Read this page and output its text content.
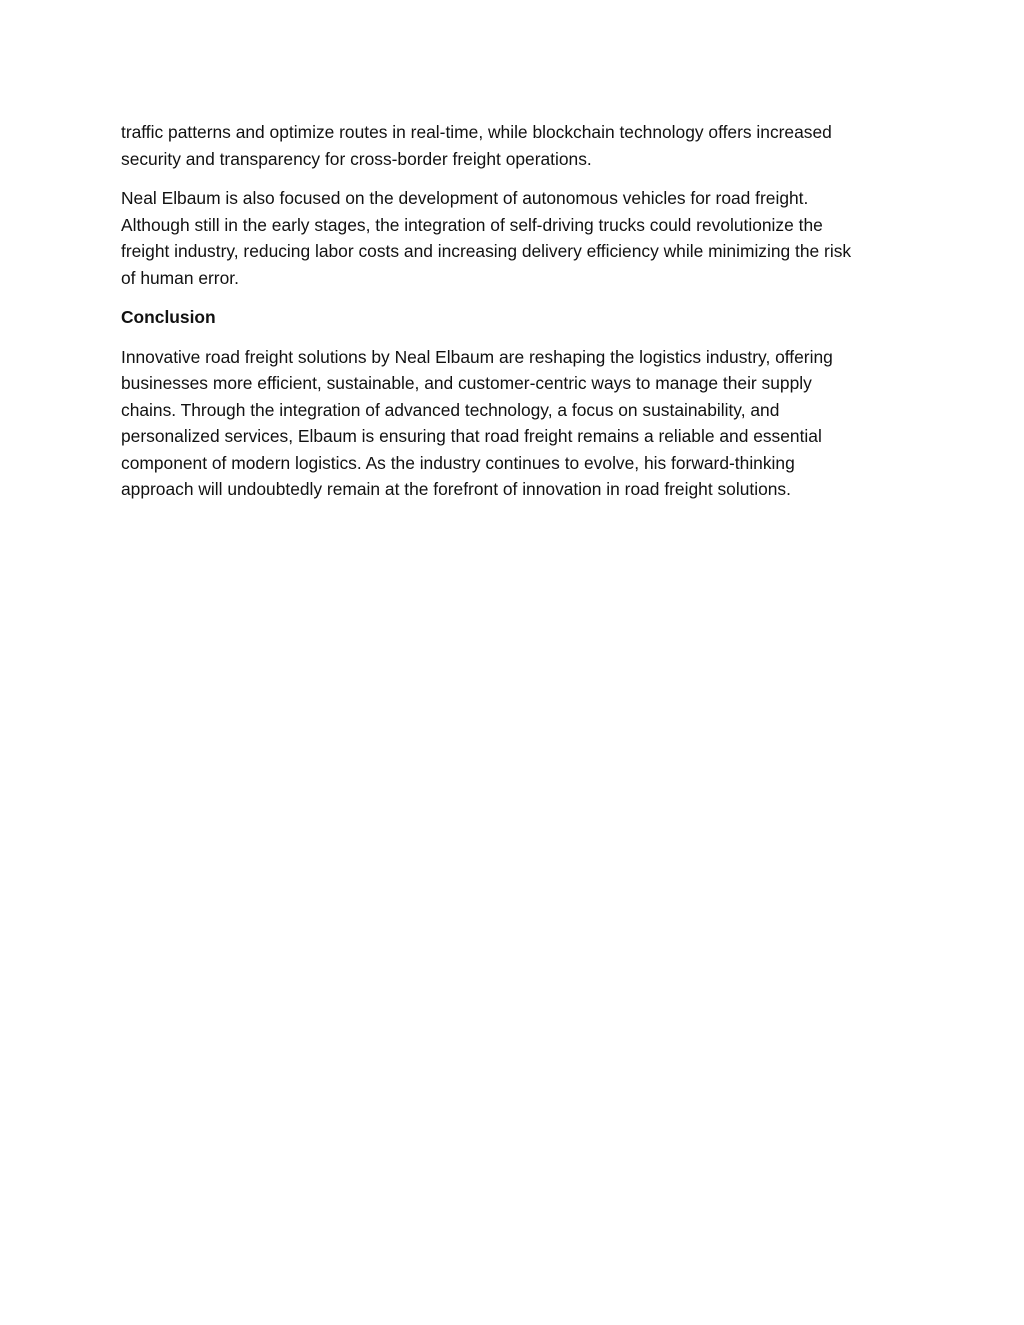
traffic patterns and optimize routes in real-time, while blockchain technology offers increased
security and transparency for cross-border freight operations.

Neal Elbaum is also focused on the development of autonomous vehicles for road freight.
Although still in the early stages, the integration of self-driving trucks could revolutionize the
freight industry, reducing labor costs and increasing delivery efficiency while minimizing the risk
of human error.

Conclusion

Innovative road freight solutions by Neal Elbaum are reshaping the logistics industry, offering
businesses more efficient, sustainable, and customer-centric ways to manage their supply
chains. Through the integration of advanced technology, a focus on sustainability, and
personalized services, Elbaum is ensuring that road freight remains a reliable and essential
component of modern logistics. As the industry continues to evolve, his forward-thinking
approach will undoubtedly remain at the forefront of innovation in road freight solutions.
